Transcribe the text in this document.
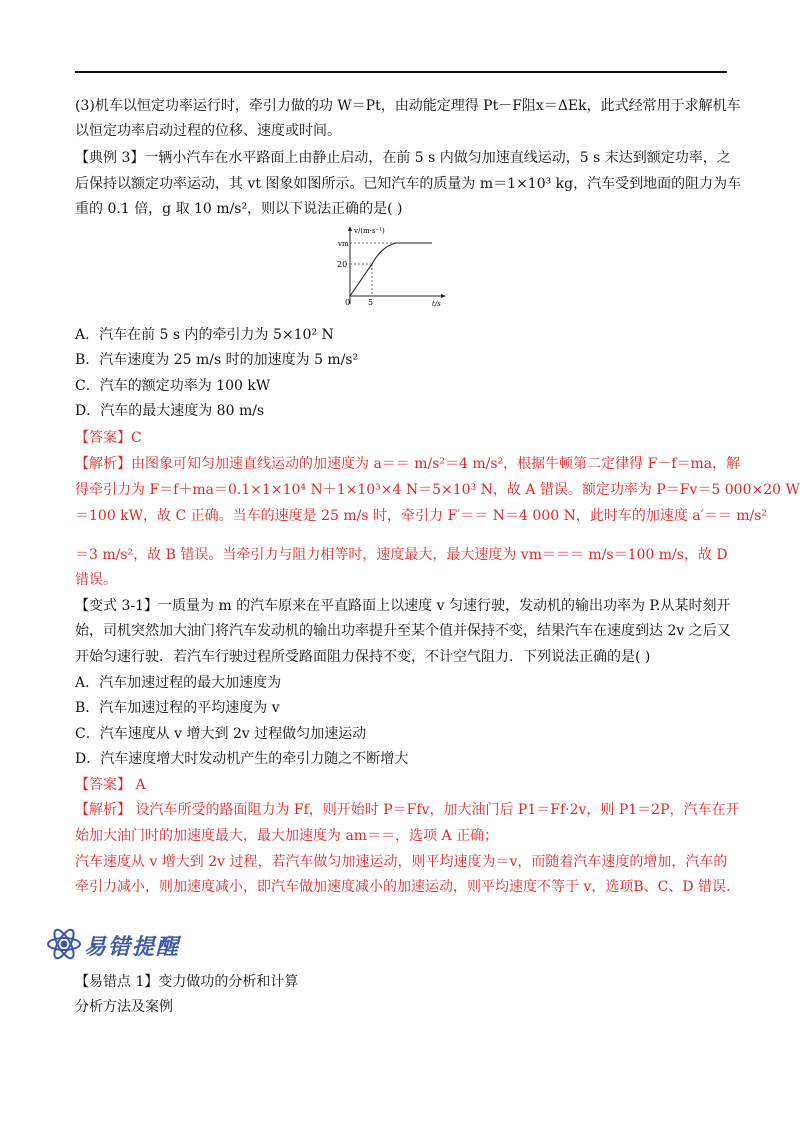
(3)机车以恒定功率运行时，牵引力做的功 W＝Pt，由动能定理得 Pt－F阻x＝ΔEk，此式经常用于求解机车
以恒定功率启动过程的位移、速度或时间。
【典例 3】一辆小汽车在水平路面上由静止启动，在前 5 s 内做匀加速直线运动，5 s 末达到额定功率，之
后保持以额定功率运动，其 vt 图象如图所示。已知汽车的质量为 m＝1×10³ kg，汽车受到地面的阻力为车
重的 0.1 倍，g 取 10 m/s²，则以下说法正确的是( )
v/(m·s⁻¹)
t/s
vm
20
0 5
A．汽车在前 5 s 内的牵引力为 5×10² N
B．汽车速度为 25 m/s 时的加速度为 5 m/s²
C．汽车的额定功率为 100 kW
D．汽车的最大速度为 80 m/s
【答案】C
【解析】由图象可知匀加速直线运动的加速度为 a＝＝ m/s²＝4 m/s²，根据牛顿第二定律得 F－f＝ma，解
得牵引力为 F＝f＋ma＝0.1×1×10⁴ N＋1×10³×4 N＝5×10³ N，故 A 错误。额定功率为 P＝Fv＝5 000×20 W
＝100 kW，故 C 正确。当车的速度是 25 m/s 时，牵引力 F′＝＝ N＝4 000 N，此时车的加速度 a′＝＝ m/s²
＝3 m/s²，故 B 错误。当牵引力与阻力相等时，速度最大，最大速度为 vm＝＝＝ m/s＝100 m/s，故 D
错误。
【变式 3-1】一质量为 m 的汽车原来在平直路面上以速度 v 匀速行驶，发动机的输出功率为 P.从某时刻开
始，司机突然加大油门将汽车发动机的输出功率提升至某个值并保持不变，结果汽车在速度到达 2v 之后又
开始匀速行驶．若汽车行驶过程所受路面阻力保持不变，不计空气阻力．下列说法正确的是( )
A．汽车加速过程的最大加速度为
B．汽车加速过程的平均速度为 v
C．汽车速度从 v 增大到 2v 过程做匀加速运动
D．汽车速度增大时发动机产生的牵引力随之不断增大
【答案】 A
【解析】 设汽车所受的路面阻力为 Ff，则开始时 P＝Ffv，加大油门后 P1＝Ff·2v，则 P1＝2P，汽车在开
始加大油门时的加速度最大，最大加速度为 am＝＝，选项 A 正确；
汽车速度从 v 增大到 2v 过程，若汽车做匀加速运动，则平均速度为＝v，而随着汽车速度的增加，汽车的
牵引力减小，则加速度减小，即汽车做加速度减小的加速运动，则平均速度不等于 v，选项B、C、D 错误.
易错提醒
【易错点 1】变力做功的分析和计算
分析方法及案例
